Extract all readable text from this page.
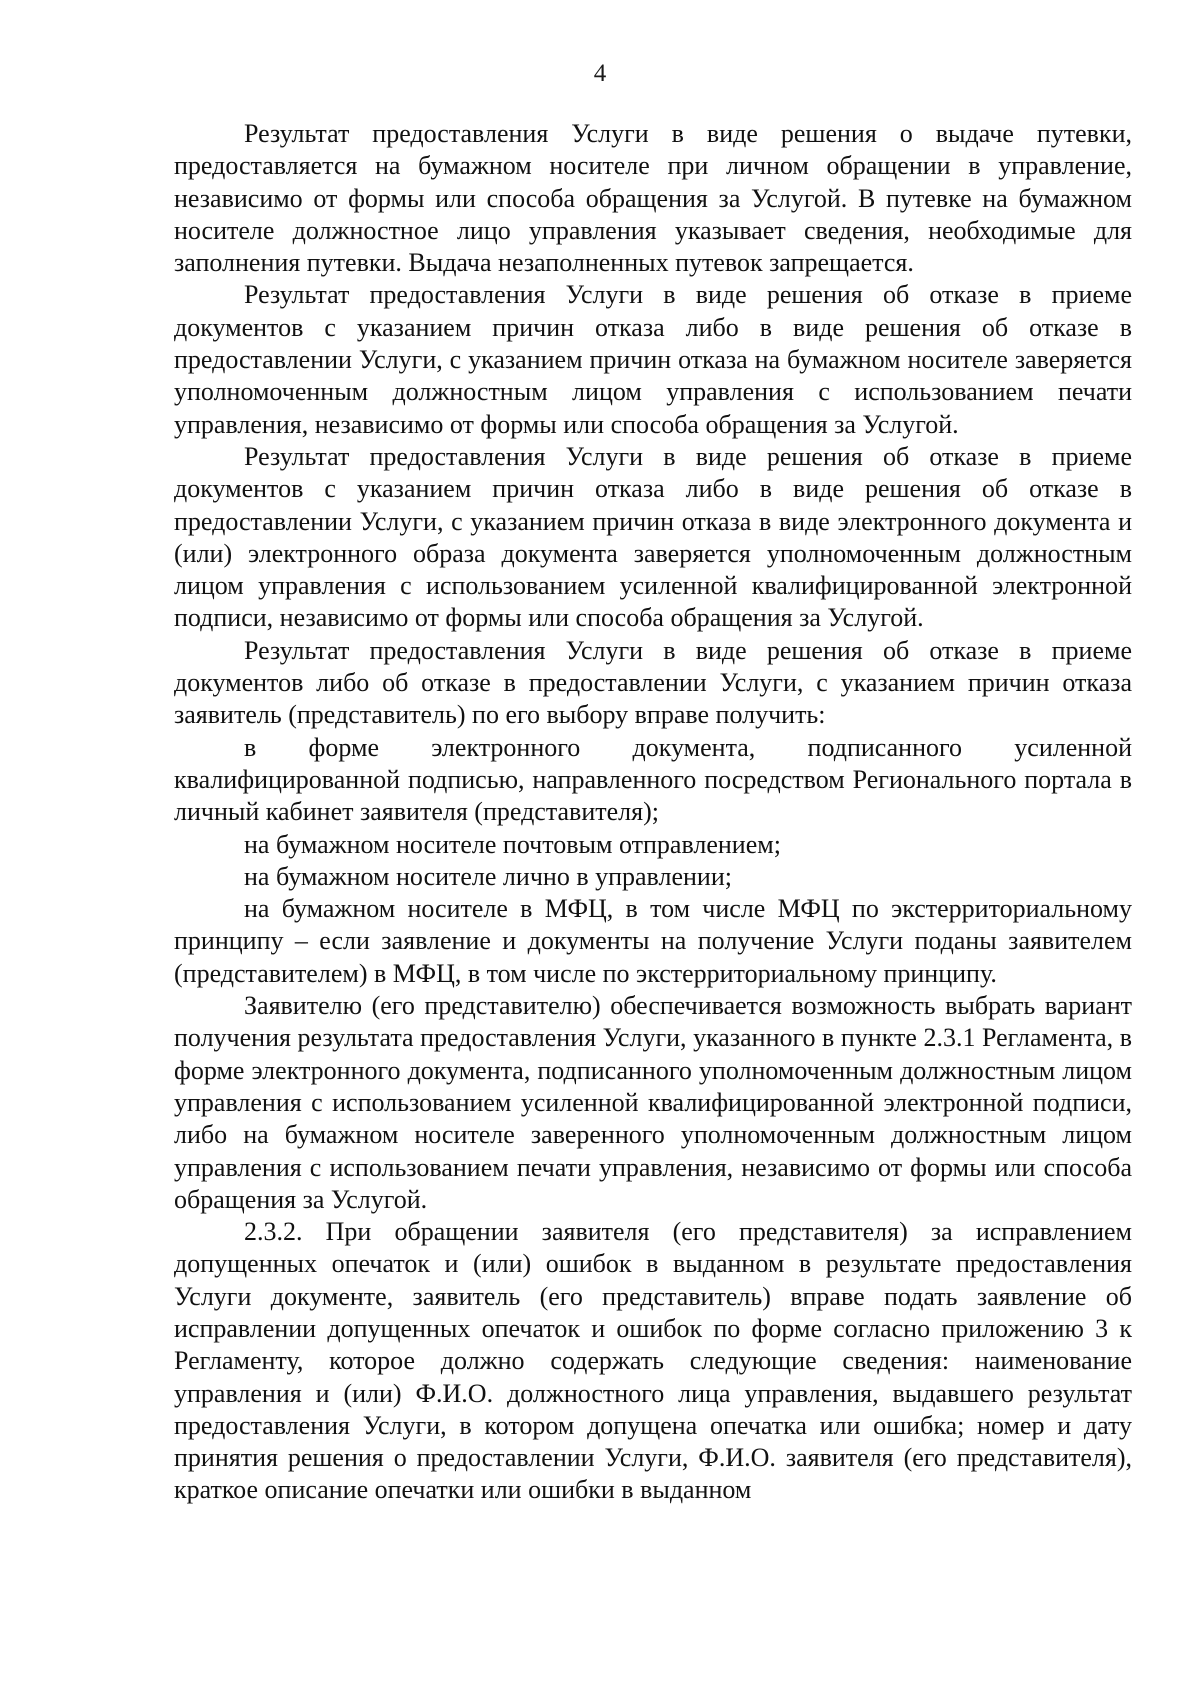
4

Результат предоставления Услуги в виде решения о выдаче путевки, предоставляется на бумажном носителе при личном обращении в управление, независимо от формы или способа обращения за Услугой. В путевке на бумажном носителе должностное лицо управления указывает сведения, необходимые для заполнения путевки. Выдача незаполненных путевок запрещается.

Результат предоставления Услуги в виде решения об отказе в приеме документов с указанием причин отказа либо в виде решения об отказе в предоставлении Услуги, с указанием причин отказа на бумажном носителе заверяется уполномоченным должностным лицом управления с использованием печати управления, независимо от формы или способа обращения за Услугой.

Результат предоставления Услуги в виде решения об отказе в приеме документов с указанием причин отказа либо в виде решения об отказе в предоставлении Услуги, с указанием причин отказа в виде электронного документа и (или) электронного образа документа заверяется уполномоченным должностным лицом управления с использованием усиленной квалифицированной электронной подписи, независимо от формы или способа обращения за Услугой.

Результат предоставления Услуги в виде решения об отказе в приеме документов либо об отказе в предоставлении Услуги, с указанием причин отказа заявитель (представитель) по его выбору вправе получить:

в форме электронного документа, подписанного усиленной квалифицированной подписью, направленного посредством Регионального портала в личный кабинет заявителя (представителя);

на бумажном носителе почтовым отправлением;

на бумажном носителе лично в управлении;

на бумажном носителе в МФЦ, в том числе МФЦ по экстерриториальному принципу – если заявление и документы на получение Услуги поданы заявителем (представителем) в МФЦ, в том числе по экстерриториальному принципу.

Заявителю (его представителю) обеспечивается возможность выбрать вариант получения результата предоставления Услуги, указанного в пункте 2.3.1 Регламента, в форме электронного документа, подписанного уполномоченным должностным лицом управления с использованием усиленной квалифицированной электронной подписи, либо на бумажном носителе заверенного уполномоченным должностным лицом управления с использованием печати управления, независимо от формы или способа обращения за Услугой.

2.3.2. При обращении заявителя (его представителя) за исправлением допущенных опечаток и (или) ошибок в выданном в результате предоставления Услуги документе, заявитель (его представитель) вправе подать заявление об исправлении допущенных опечаток и ошибок по форме согласно приложению 3 к Регламенту, которое должно содержать следующие сведения: наименование управления и (или) Ф.И.О. должностного лица управления, выдавшего результат предоставления Услуги, в котором допущена опечатка или ошибка; номер и дату принятия решения о предоставлении Услуги, Ф.И.О. заявителя (его представителя), краткое описание опечатки или ошибки в выданном
